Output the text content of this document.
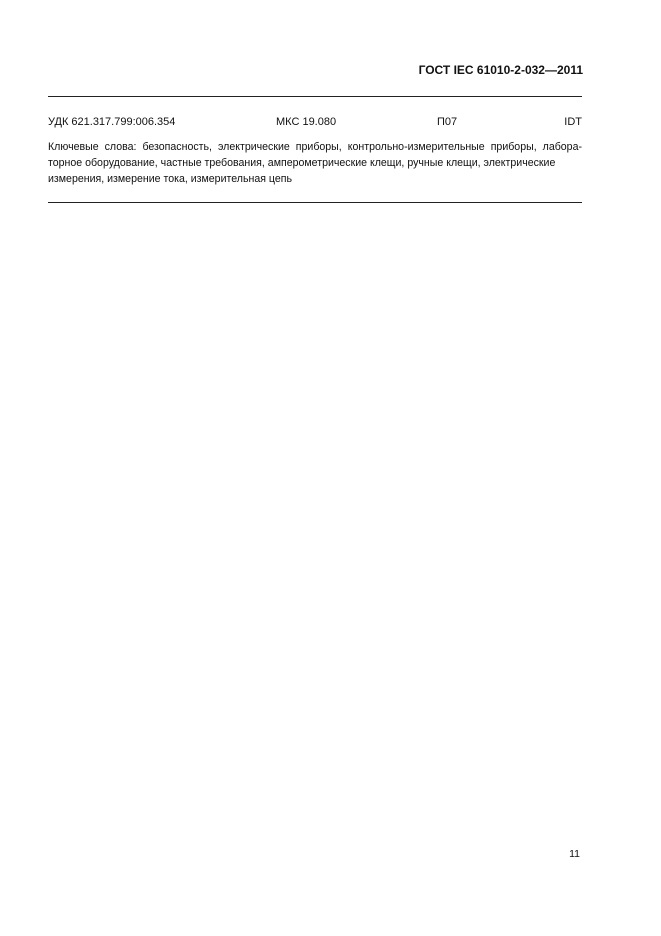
ГОСТ IEC 61010-2-032—2011
УДК 621.317.799:006.354	МКС 19.080	П07	IDT
Ключевые слова: безопасность, электрические приборы, контрольно-измерительные приборы, лабора-
торное оборудование, частные требования, амперометрические клещи, ручные клещи, электрические
измерения, измерение тока, измерительная цепь
11
